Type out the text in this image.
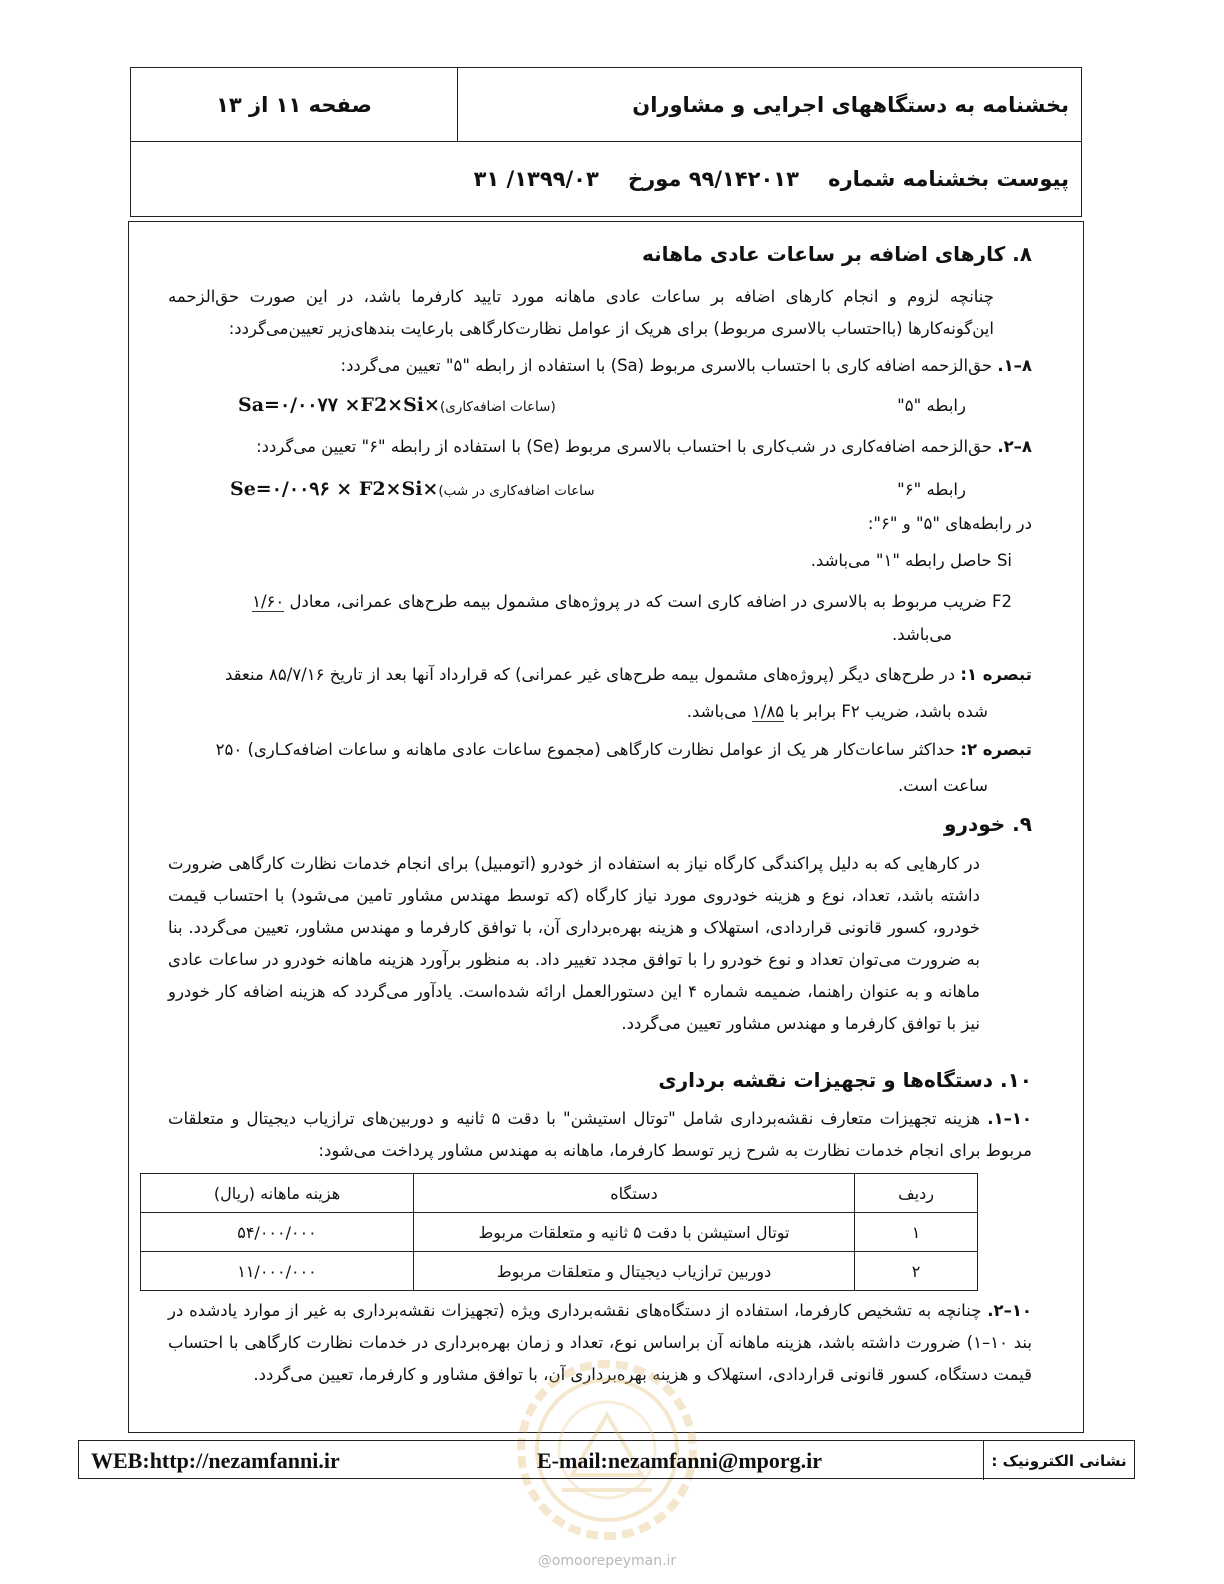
صفحه ۱۱ از ۱۳	بخشنامه به دستگاههای اجرایی و مشاوران
پیوست بخشنامه شماره    ۹۹/۱۴۲۰۱۳ مورخ    ۱۳۹۹/۰۳/ ۳۱
۸. کارهای اضافه بر ساعات عادی ماهانه
چنانچه لزوم و انجام کارهای اضافه بر ساعات عادی ماهانه مورد تایید کارفرما باشد، در این صورت حق‌الزحمه این‌گونه‌کارها (بااحتساب بالاسری مربوط) برای هریک از عوامل نظارت‌کارگاهی بارعایت بندهای‌زیر تعیین‌می‌گردد:
۸–۱. حق‌الزحمه اضافه کاری با احتساب بالاسری مربوط (Sa) با استفاده از رابطه "۵" تعیین می‌گردد:
رابطه "۵"
Sa=۰/۰۰۷۷ ×F2×Si×(ساعات اضافه‌کاری)
۸–۲. حق‌الزحمه اضافه‌کاری در شب‌کاری با احتساب بالاسری مربوط (Se) با استفاده از رابطه "۶" تعیین می‌گردد:
رابطه "۶"
Se=۰/۰۰۹۶ × F2×Si×(ساعات اضافه‌کاری در شب
در رابطه‌های "۵" و "۶":
Si حاصل رابطه "۱" می‌باشد.
F2 ضریب مربوط به بالاسری در اضافه کاری است که در پروژه‌های مشمول بیمه طرح‌های عمرانی، معادل ۱/۶۰
می‌باشد.
تبصره ۱: در طرح‌های دیگر (پروژه‌های مشمول بیمه طرح‌های غیر عمرانی) که قرارداد آنها بعد از تاریخ ۸۵/۷/۱۶ منعقد
شده باشد، ضریب F۲ برابر با ۱/۸۵ می‌باشد.
تبصره ۲: حداکثر ساعات‌کار هر یک از عوامل نظارت کارگاهی (مجموع ساعات عادی ماهانه و ساعات اضافه‌کـاری) ۲۵۰
ساعت است.
۹. خودرو
در کارهایی که به دلیل پراکندگی کارگاه نیاز به استفاده از خودرو (اتومبیل) برای انجام خدمات نظارت کارگاهی ضرورت داشته باشد، تعداد، نوع و هزینه خودروی مورد نیاز کارگاه (که توسط مهندس مشاور تامین می‌شود) با احتساب قیمت خودرو، کسور قانونی قراردادی، استهلاک و هزینه بهره‌برداری آن، با توافق کارفرما و مهندس مشاور، تعیین می‌گردد. بنا به ضرورت می‌توان تعداد و نوع خودرو را با توافق مجدد تغییر داد. به منظور برآورد هزینه ماهانه خودرو در ساعات عادی ماهانه و به عنوان راهنما، ضمیمه شماره ۴ این دستورالعمل ارائه شده‌است. یادآور می‌گردد که هزینه اضافه کار خودرو نیز با توافق کارفرما و مهندس مشاور تعیین می‌گردد.
۱۰. دستگاه‌ها و تجهیزات نقشه برداری
۱۰–۱. هزینه تجهیزات متعارف نقشه‌برداری شامل "توتال استیشن" با دقت ۵ ثانیه و دوربین‌های ترازیاب دیجیتال و متعلقات مربوط برای انجام خدمات نظارت به شرح زیر توسط کارفرما، ماهانه به مهندس مشاور پرداخت می‌شود:
ردیف	دستگاه	هزینه ماهانه (ریال)
۱	توتال استیشن با دقت ۵ ثانیه و متعلقات مربوط	۵۴/۰۰۰/۰۰۰
۲	دوربین ترازیاب دیجیتال و متعلقات مربوط	۱۱/۰۰۰/۰۰۰
۱۰–۲. چنانچه به تشخیص کارفرما، استفاده از دستگاه‌های نقشه‌برداری ویژه (تجهیزات نقشه‌برداری به غیر از موارد یادشده در بند ۱۰–۱) ضرورت داشته باشد، هزینه ماهانه آن براساس نوع، تعداد و زمان بهره‌برداری در خدمات نظارت کارگاهی با احتساب قیمت دستگاه، کسور قانونی قراردادی، استهلاک و هزینه بهره‌برداری آن، با توافق مشاور و کارفرما، تعیین می‌گردد.
@omoorepeyman.ir
WEB: http://nezamfanni.ir	E-mail: nezamfanni@mporg.ir	نشانی الکترونیک :
